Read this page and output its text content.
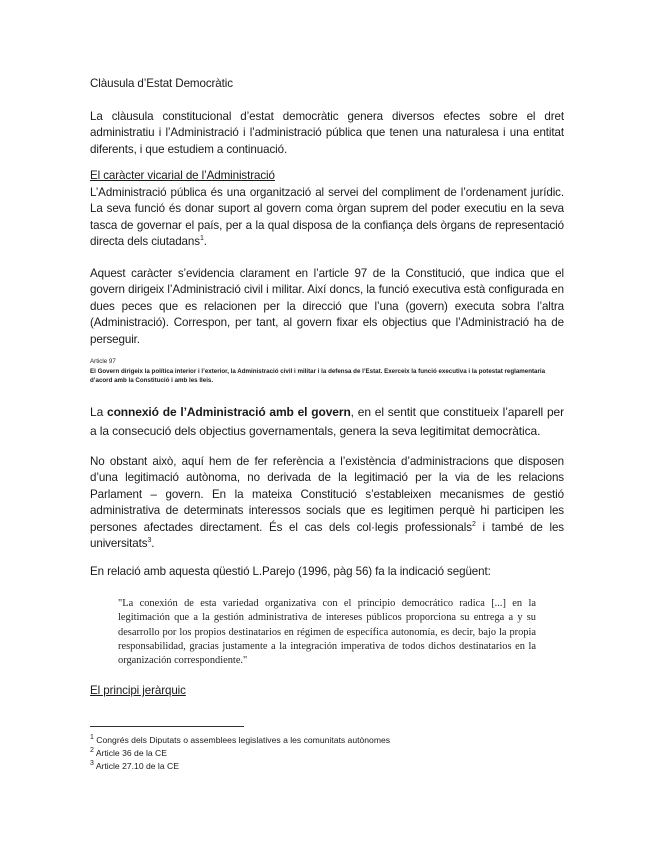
Clàusula d’Estat Democràtic
La clàusula constitucional d’estat democràtic genera diversos efectes sobre el dret administratiu i l’Administració i l’administració pública que tenen una naturalesa i una entitat diferents, i que estudiem a continuació.
El caràcter vicarial de l’Administració
L’Administració pública és una organització al servei del compliment de l’ordenament jurídic. La seva funció és donar suport al govern coma òrgan suprem del poder executiu en la seva tasca de governar el país, per a la qual disposa de la confiança dels òrgans de representació directa dels ciutadans$^1$.
Aquest caràcter s’evidencia clarament en l’article 97 de la Constitució, que indica que el govern dirigeix l’Administració civil i militar. Així doncs, la funció executiva està configurada en dues peces que es relacionen per la direcció que l’una (govern) executa sobra l’altra (Administració). Correspon, per tant, al govern fixar els objectius que l’Administració ha de perseguir.
Article 97
El Govern dirigeix la política interior i l’exterior, la Administració civil i militar i la defensa de l’Estat. Exerceix la funció executiva i la potestat reglamentaria d’acord amb la Constitució i amb les lleis.
La connexió de l’Administració amb el govern, en el sentit que constitueix l’aparell per a la consecució dels objectius governamentals, genera la seva legitimitat democràtica.
No obstant això, aquí hem de fer referència a l’existència d’administracions que disposen d’una legitimació autònoma, no derivada de la legitimació per la via de les relacions Parlament – govern. En la mateixa Constitució s’estableixen mecanismes de gestió administrativa de determinats interessos socials que es legitimen perquè hi participen les persones afectades directament. És el cas dels col·legis professionals$^2$ i també de les universitats$^3$.
En relació amb aquesta qüestió L.Parejo (1996, pàg 56) fa la indicació següent:
"La conexión de esta variedad organizativa con el principio democrático radica [...] en la legitimación que a la gestión administrativa de intereses públicos proporciona su entrega a y su desarrollo por los propios destinatarios en régimen de específica autonomía, es decir, bajo la propia responsabilidad, gracias justamente a la integración imperativa de todos dichos destinatarios en la organización correspondiente."
El principi jeràrquic
$^1$ Congrés dels Diputats o assemblees legislatives a les comunitats autònomes
$^2$ Article 36 de la CE
$^3$ Article 27.10 de la CE
